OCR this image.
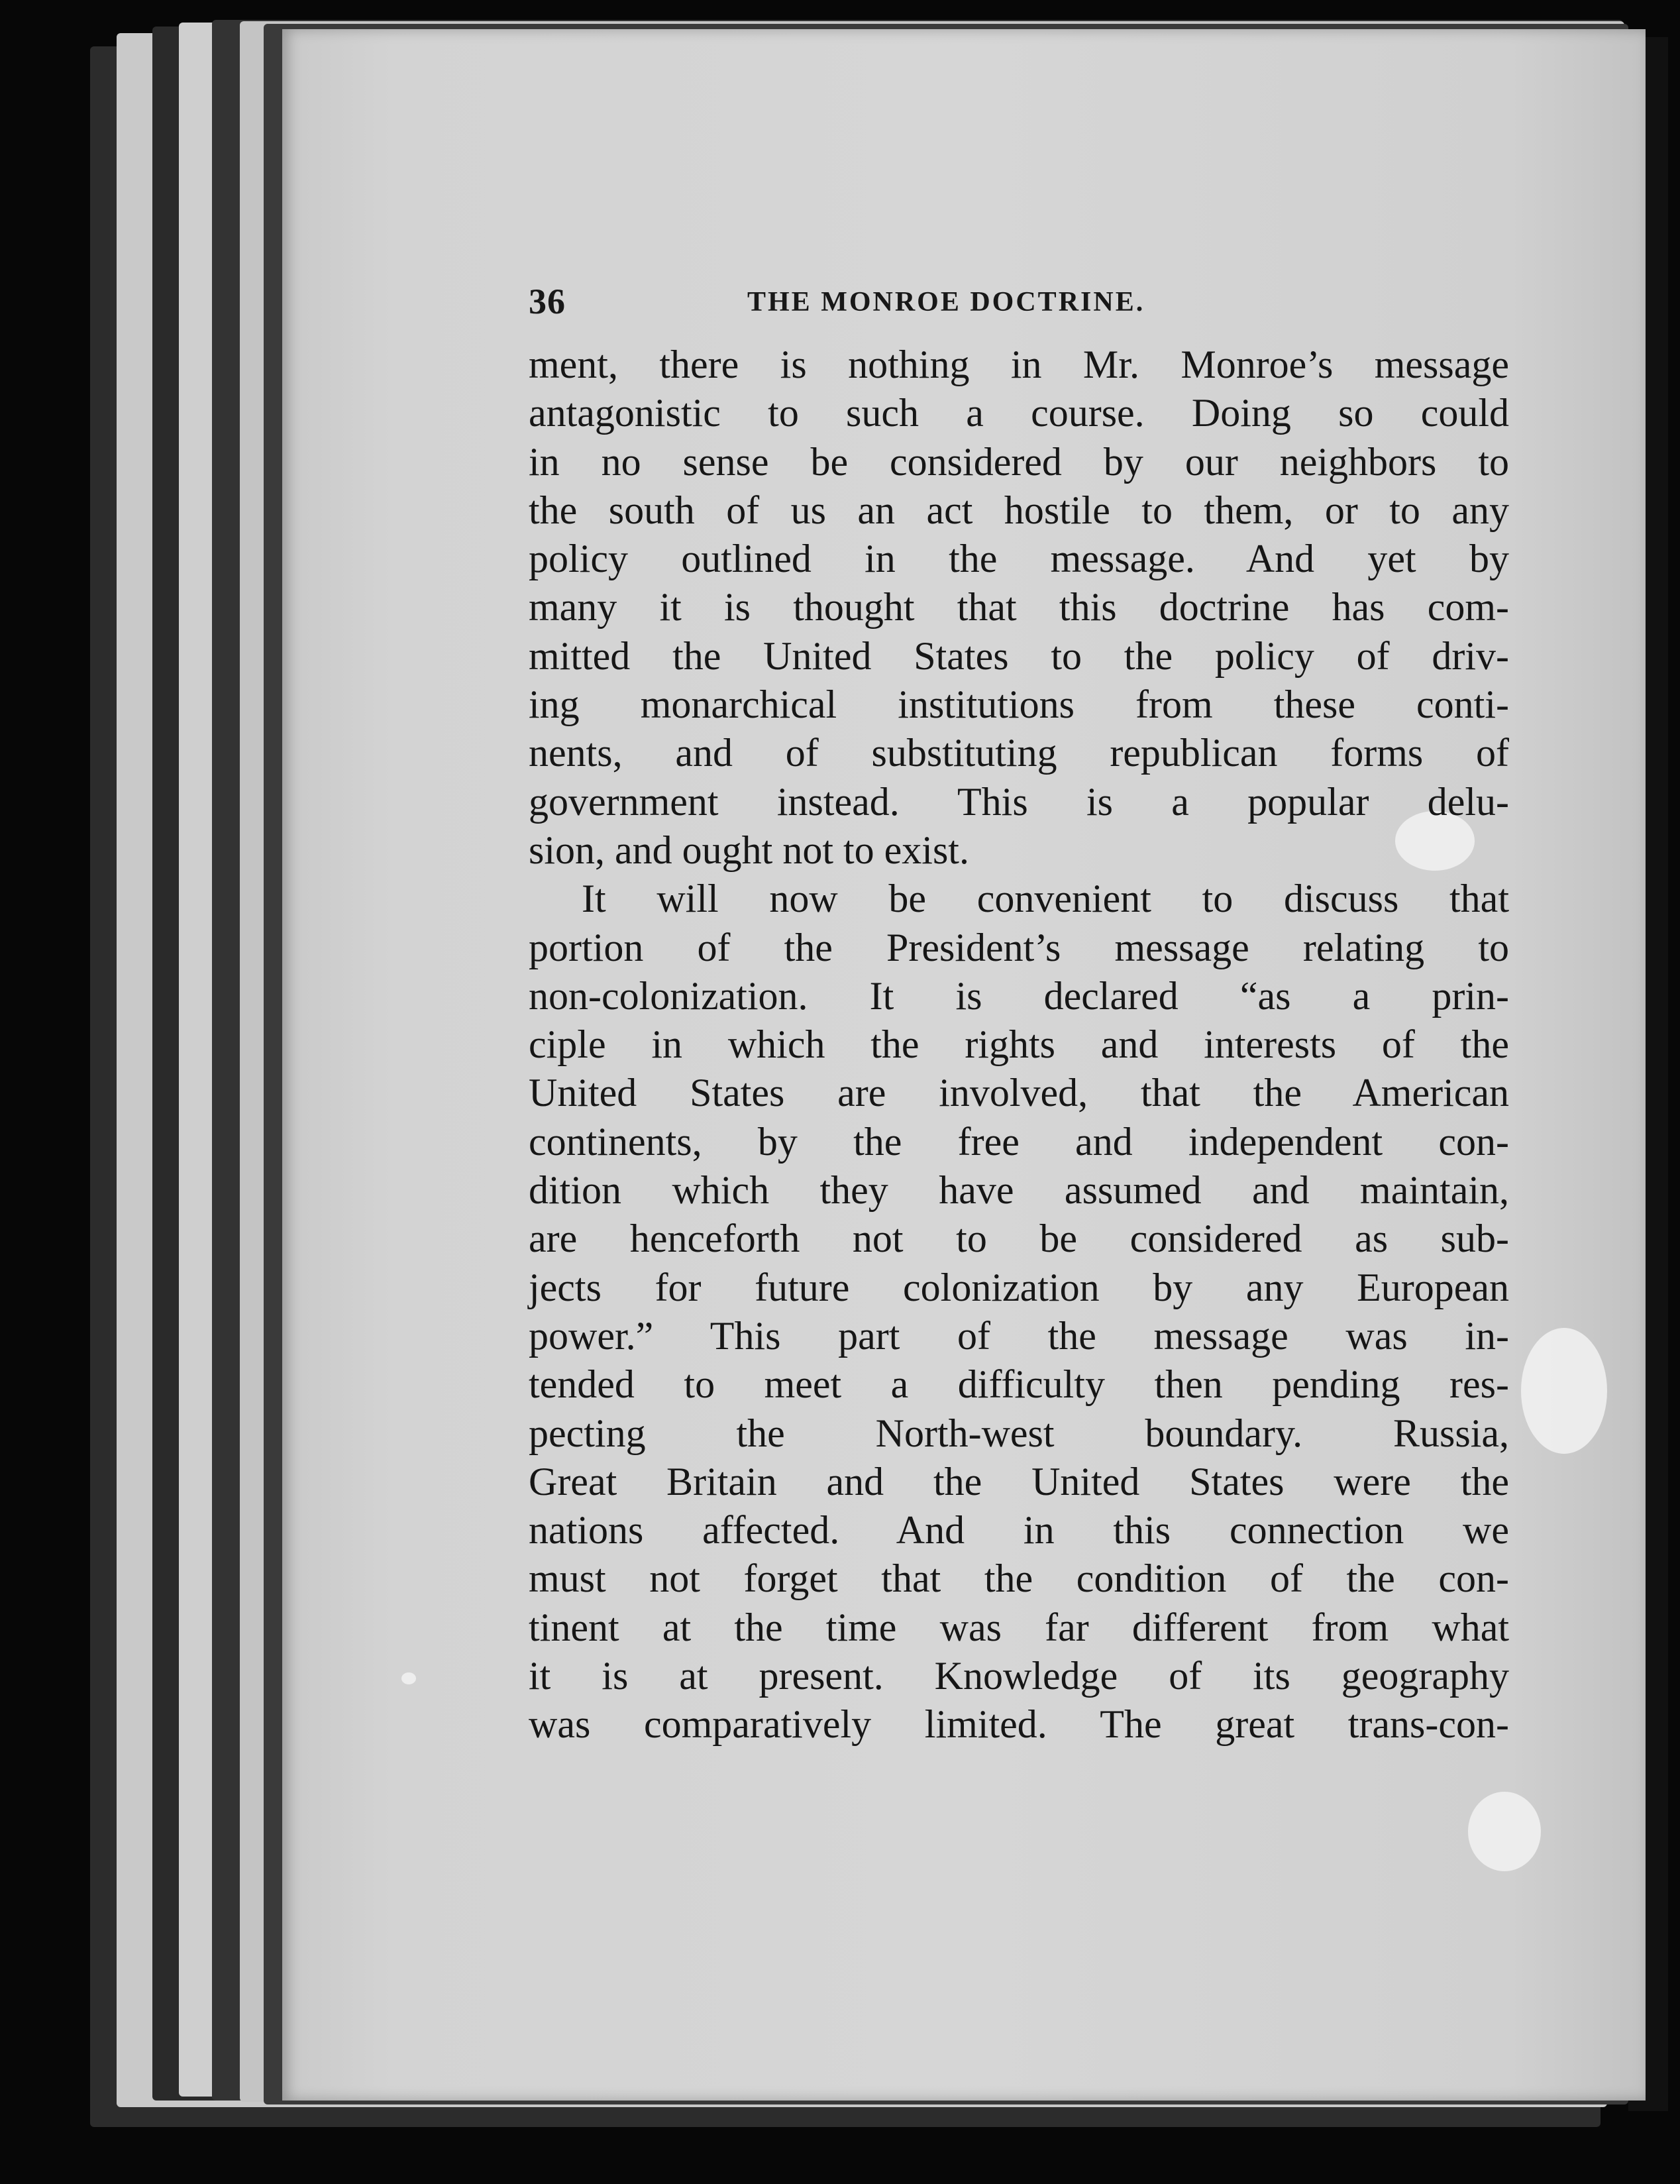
36	THE MONROE DOCTRINE.
ment, there is nothing in Mr. Monroe’s message
antagonistic to such a course. Doing so could
in no sense be considered by our neighbors to
the south of us an act hostile to them, or to any
policy outlined in the message. And yet by
many it is thought that this doctrine has com-
mitted the United States to the policy of driv-
ing monarchical institutions from these conti-
nents, and of substituting republican forms of
government instead. This is a popular delu-
sion, and ought not to exist.
It will now be convenient to discuss that
portion of the President’s message relating to
non-colonization. It is declared “as a prin-
ciple in which the rights and interests of the
United States are involved, that the American
continents, by the free and independent con-
dition which they have assumed and maintain,
are henceforth not to be considered as sub-
jects for future colonization by any European
power.” This part of the message was in-
tended to meet a difficulty then pending res-
pecting the North-west boundary. Russia,
Great Britain and the United States were the
nations affected. And in this connection we
must not forget that the condition of the con-
tinent at the time was far different from what
it is at present. Knowledge of its geography
was comparatively limited. The great trans-con-
